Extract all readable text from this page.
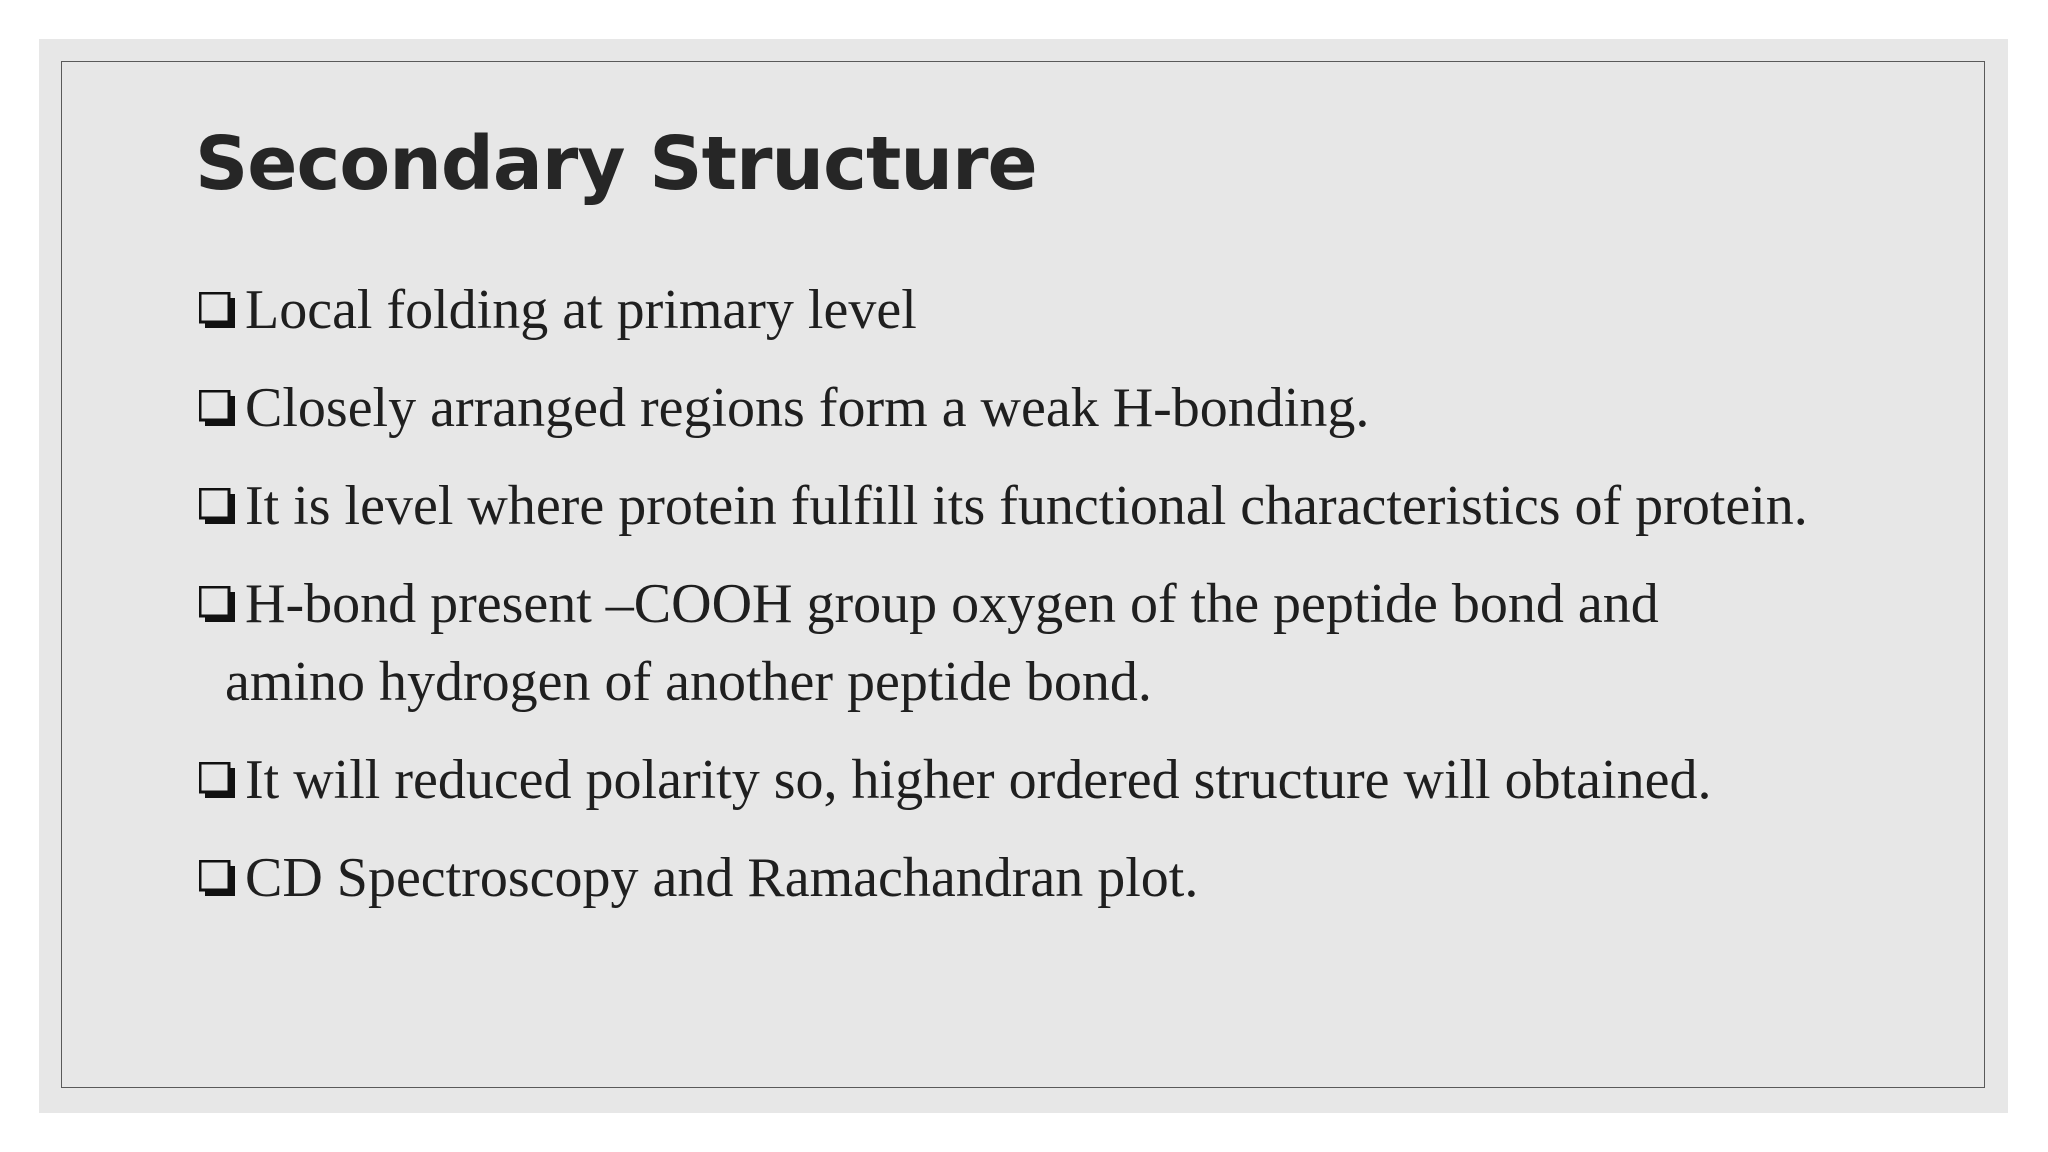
Secondary Structure
Local folding at primary level
Closely arranged regions form a weak H-bonding.
It is level where protein fulfill its functional characteristics of protein.
H-bond present –COOH group oxygen of the peptide bond and
amino hydrogen of another peptide bond.
It will reduced polarity so, higher ordered structure will obtained.
CD Spectroscopy and Ramachandran plot.
